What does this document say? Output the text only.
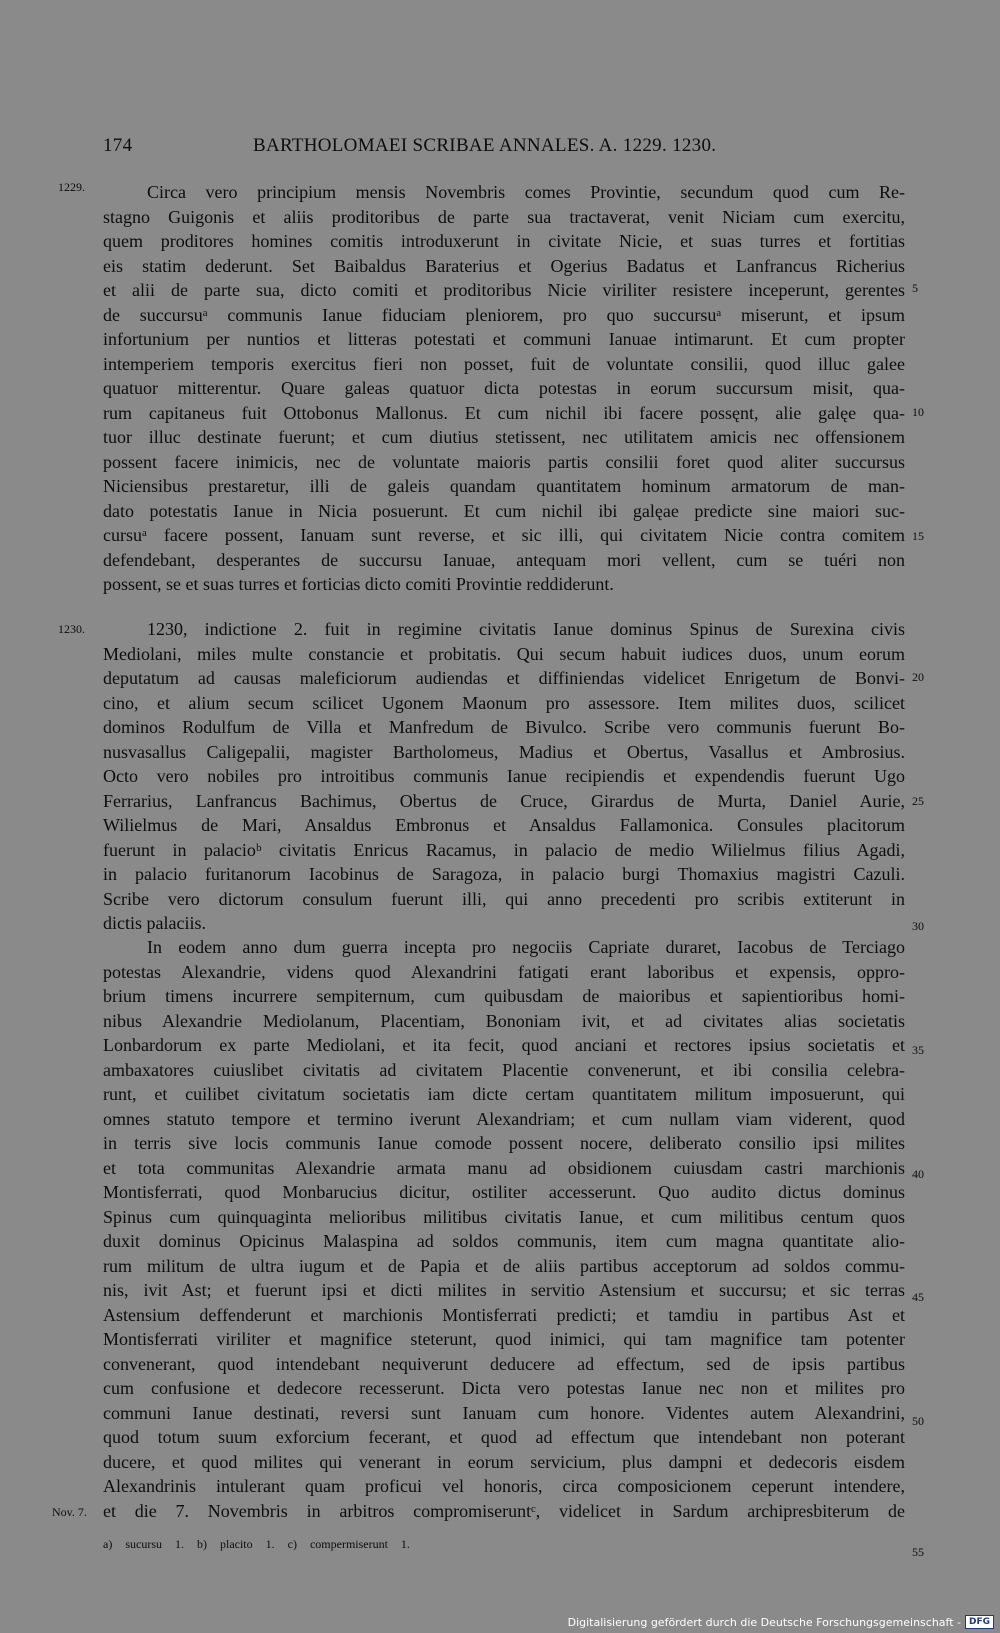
174	BARTHOLOMAEI SCRIBAE ANNALES. A. 1229. 1230.
Circa vero principium mensis Novembris comes Provintie, secundum quod cum Re-
stagno Guigonis et aliis proditoribus de parte sua tractaverat, venit Niciam cum exercitu,
quem proditores homines comitis introduxerunt in civitate Nicie, et suas turres et fortitias
eis statim dederunt. Set Baibaldus Baraterius et Ogerius Badatus et Lanfrancus Richerius
et alii de parte sua, dicto comiti et proditoribus Nicie viriliter resistere inceperunt, gerentes
de succursuᵃ communis Ianue fiduciam pleniorem, pro quo succursuᵃ miserunt, et ipsum
infortunium per nuntios et litteras potestati et communi Ianuae intimarunt. Et cum propter
intemperiem temporis exercitus fieri non posset, fuit de voluntate consilii, quod illuc galee
quatuor mitterentur. Quare galeas quatuor dicta potestas in eorum succursum misit, qua-
rum capitaneus fuit Ottobonus Mallonus. Et cum nichil ibi facere possęnt, alie galęe qua-
tuor illuc destinate fuerunt; et cum diutius stetissent, nec utilitatem amicis nec offensionem
possent facere inimicis, nec de voluntate maioris partis consilii foret quod aliter succursus
Niciensibus prestaretur, illi de galeis quandam quantitatem hominum armatorum de man-
dato potestatis Ianue in Nicia posuerunt. Et cum nichil ibi galęae predicte sine maiori suc-
cursuᵃ facere possent, Ianuam sunt reverse, et sic illi, qui civitatem Nicie contra comitem
defendebant, desperantes de succursu Ianuae, antequam mori vellent, cum se tuéri non
possent, se et suas turres et forticias dicto comiti Provintie reddiderunt.
1230, indictione 2. fuit in regimine civitatis Ianue dominus Spinus de Surexina civis
Mediolani, miles multe constancie et probitatis. Qui secum habuit iudices duos, unum eorum
deputatum ad causas maleficiorum audiendas et diffiniendas videlicet Enrigetum de Bonvi-
cino, et alium secum scilicet Ugonem Maonum pro assessore. Item milites duos, scilicet
dominos Rodulfum de Villa et Manfredum de Bivulco. Scribe vero communis fuerunt Bo-
nusvasallus Caligepalii, magister Bartholomeus, Madius et Obertus, Vasallus et Ambrosius.
Octo vero nobiles pro introitibus communis Ianue recipiendis et expendendis fuerunt Ugo
Ferrarius, Lanfrancus Bachimus, Obertus de Cruce, Girardus de Murta, Daniel Aurie,
Wilielmus de Mari, Ansaldus Embronus et Ansaldus Fallamonica. Consules placitorum
fuerunt in palacioᵇ civitatis Enricus Racamus, in palacio de medio Wilielmus filius Agadi,
in palacio furitanorum Iacobinus de Saragoza, in palacio burgi Thomaxius magistri Cazuli.
Scribe vero dictorum consulum fuerunt illi, qui anno precedenti pro scribis extiterunt in
dictis palaciis.
In eodem anno dum guerra incepta pro negociis Capriate duraret, Iacobus de Terciago
potestas Alexandrie, videns quod Alexandrini fatigati erant laboribus et expensis, oppro-
brium timens incurrere sempiternum, cum quibusdam de maioribus et sapientioribus homi-
nibus Alexandrie Mediolanum, Placentiam, Bononiam ivit, et ad civitates alias societatis
Lonbardorum ex parte Mediolani, et ita fecit, quod anciani et rectores ipsius societatis et
ambaxatores cuiuslibet civitatis ad civitatem Placentie convenerunt, et ibi consilia celebra-
runt, et cuilibet civitatum societatis iam dicte certam quantitatem militum imposuerunt, qui
omnes statuto tempore et termino iverunt Alexandriam; et cum nullam viam viderent, quod
in terris sive locis communis Ianue comode possent nocere, deliberato consilio ipsi milites
et tota communitas Alexandrie armata manu ad obsidionem cuiusdam castri marchionis
Montisferrati, quod Monbarucius dicitur, ostiliter accesserunt. Quo audito dictus dominus
Spinus cum quinquaginta melioribus militibus civitatis Ianue, et cum militibus centum quos
duxit dominus Opicinus Malaspina ad soldos communis, item cum magna quantitate alio-
rum militum de ultra iugum et de Papia et de aliis partibus acceptorum ad soldos commu-
nis, ivit Ast; et fuerunt ipsi et dicti milites in servitio Astensium et succursu; et sic terras
Astensium deffenderunt et marchionis Montisferrati predicti; et tamdiu in partibus Ast et
Montisferrati viriliter et magnifice steterunt, quod inimici, qui tam magnifice tam potenter
convenerant, quod intendebant nequiverunt deducere ad effectum, sed de ipsis partibus
cum confusione et dedecore recesserunt. Dicta vero potestas Ianue nec non et milites pro
communi Ianue destinati, reversi sunt Ianuam cum honore. Videntes autem Alexandrini,
quod totum suum exforcium fecerant, et quod ad effectum que intendebant non poterant
ducere, et quod milites qui venerant in eorum servicium, plus dampni et dedecoris eisdem
Alexandrinis intulerant quam proficui vel honoris, circa composicionem ceperunt intendere,
et die 7. Novembris in arbitros compromiseruntᶜ, videlicet in Sardum archipresbiterum de
1229.
1230.
Nov. 7.
5
10
15
20
25
30
35
40
45
50
55
a) sucursu 1. b) placito 1. c) compermiserunt 1.
Digitalisierung gefördert durch die Deutsche Forschungsgemeinschaft - DFG
